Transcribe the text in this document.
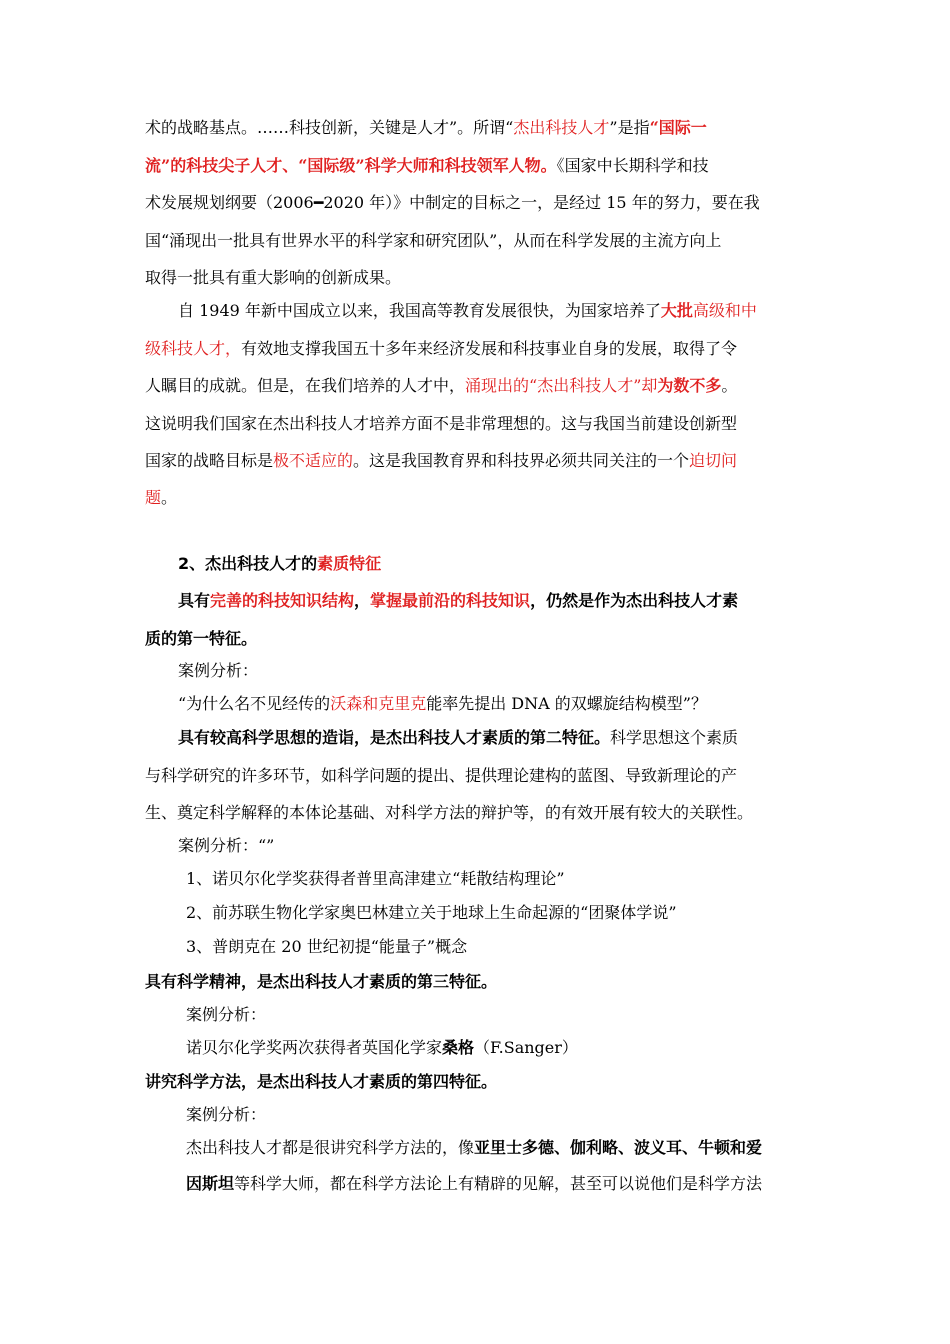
术的战略基点。……科技创新，关键是人才”。所谓“杰出科技人才”是指“国际一
流”的科技尖子人才、“国际级”科学大师和科技领军人物。《国家中长期科学和技
术发展规划纲要（2006━2020 年）》中制定的目标之一，是经过 15 年的努力，要在我
国“涌现出一批具有世界水平的科学家和研究团队”，从而在科学发展的主流方向上
取得一批具有重大影响的创新成果。
自 1949 年新中国成立以来，我国高等教育发展很快，为国家培养了大批高级和中
级科技人才，有效地支撑我国五十多年来经济发展和科技事业自身的发展，取得了令
人瞩目的成就。但是，在我们培养的人才中，涌现出的“杰出科技人才”却为数不多。
这说明我们国家在杰出科技人才培养方面不是非常理想的。这与我国当前建设创新型
国家的战略目标是极不适应的。这是我国教育界和科技界必须共同关注的一个迫切问
题。
2、杰出科技人才的素质特征
具有完善的科技知识结构，掌握最前沿的科技知识，仍然是作为杰出科技人才素
质的第一特征。
案例分析：
“为什么名不见经传的沃森和克里克能率先提出 DNA 的双螺旋结构模型”？
具有较高科学思想的造诣，是杰出科技人才素质的第二特征。科学思想这个素质
与科学研究的许多环节，如科学问题的提出、提供理论建构的蓝图、导致新理论的产
生、奠定科学解释的本体论基础、对科学方法的辩护等，的有效开展有较大的关联性。
案例分析：“”
1、诺贝尔化学奖获得者普里高津建立“耗散结构理论”
2、前苏联生物化学家奥巴林建立关于地球上生命起源的“团聚体学说”
3、普朗克在 20 世纪初提“能量子”概念
具有科学精神，是杰出科技人才素质的第三特征。
案例分析：
诺贝尔化学奖两次获得者英国化学家桑格（F.Sanger）
讲究科学方法，是杰出科技人才素质的第四特征。
案例分析：
杰出科技人才都是很讲究科学方法的，像亚里士多德、伽利略、波义耳、牛顿和爱
因斯坦等科学大师，都在科学方法论上有精辟的见解，甚至可以说他们是科学方法
